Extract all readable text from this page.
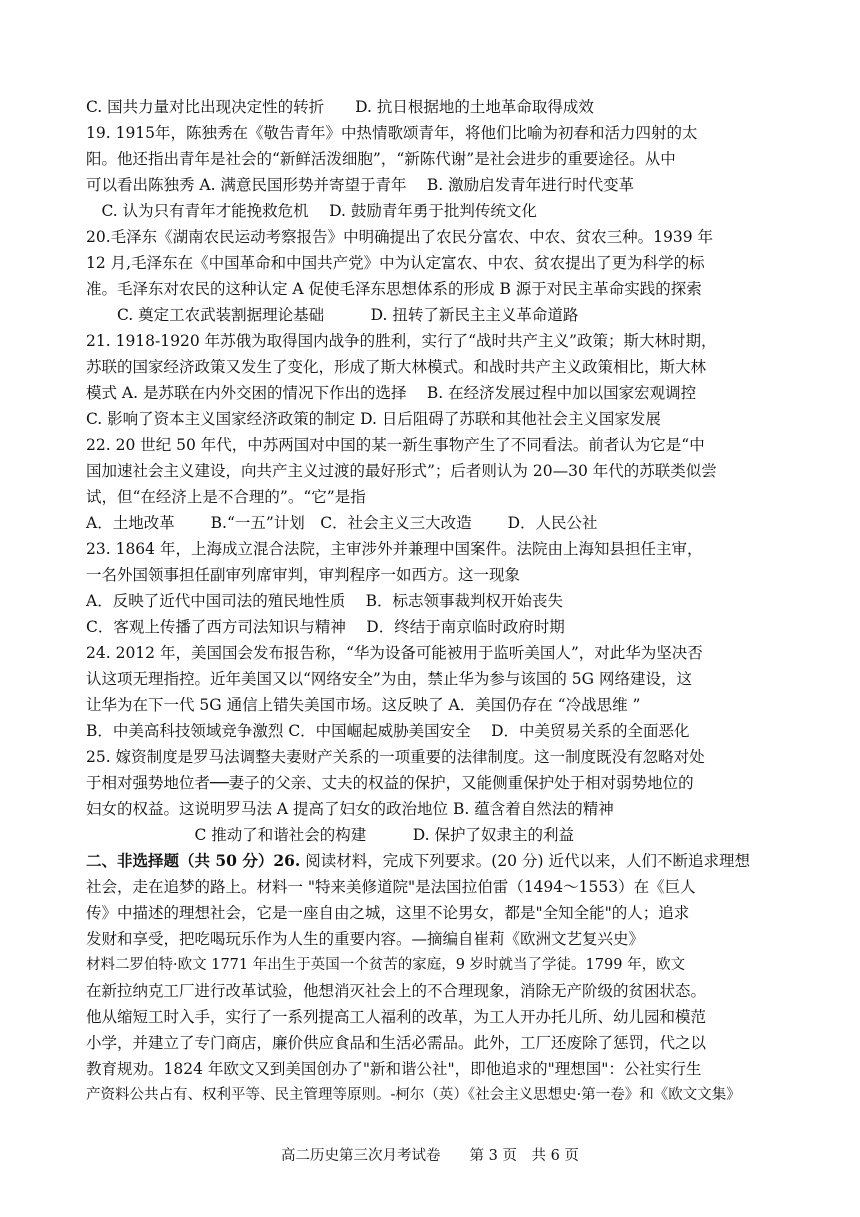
C. 国共力量对比出现决定性的转折　　D. 抗日根据地的土地革命取得成效
19. 1915年，陈独秀在《敬告青年》中热情歌颂青年，将他们比喻为初春和活力四射的太
阳。他还指出青年是社会的“新鲜活泼细胞”，“新陈代谢”是社会进步的重要途径。从中
可以看出陈独秀 A. 满意民国形势并寄望于青年　 B. 激励启发青年进行时代变革
　C. 认为只有青年才能挽救危机　 D. 鼓励青年勇于批判传统文化
20.毛泽东《湖南农民运动考察报告》中明确提出了农民分富农、中农、贫农三种。1939 年
12 月,毛泽东在《中国革命和中国共产党》中为认定富农、中农、贫农提出了更为科学的标
准。毛泽东对农民的这种认定 A 促使毛泽东思想体系的形成 B 源于对民主革命实践的探索
　　C. 奠定工农武装割据理论基础　　　D. 扭转了新民主主义革命道路
21. 1918-1920 年苏俄为取得国内战争的胜利，实行了“战时共产主义”政策；斯大林时期，
苏联的国家经济政策又发生了变化，形成了斯大林模式。和战时共产主义政策相比，斯大林
模式 A. 是苏联在内外交困的情况下作出的选择　 B. 在经济发展过程中加以国家宏观调控
C. 影响了资本主义国家经济政策的制定 D. 日后阻碍了苏联和其他社会主义国家发展
22. 20 世纪 50 年代，中苏两国对中国的某一新生事物产生了不同看法。前者认为它是“中
国加速社会主义建设，向共产主义过渡的最好形式”；后者则认为 20—30 年代的苏联类似尝
试，但“在经济上是不合理的”。“它”是指
A．土地改革　　 B.“一五”计划　C．社会主义三大改造　　 D．人民公社
23. 1864 年，上海成立混合法院，主审涉外并兼理中国案件。法院由上海知县担任主审，
一名外国领事担任副审列席审判，审判程序一如西方。这一现象
A．反映了近代中国司法的殖民地性质　 B．标志领事裁判权开始丧失
C．客观上传播了西方司法知识与精神　 D．终结于南京临时政府时期
24. 2012 年，美国国会发布报告称，“华为设备可能被用于监听美国人”，对此华为坚决否
认这项无理指控。近年美国又以“网络安全”为由，禁止华为参与该国的 5G 网络建设，这
让华为在下一代 5G 通信上错失美国市场。这反映了 A．美国仍存在 “冷战思维 ”
B．中美高科技领域竞争激烈 C．中国崛起威胁美国安全　 D．中美贸易关系的全面恶化
25. 嫁资制度是罗马法调整夫妻财产关系的一项重要的法律制度。这一制度既没有忽略对处
于相对强势地位者──妻子的父亲、丈夫的权益的保护，又能侧重保护处于相对弱势地位的
妇女的权益。这说明罗马法 A 提高了妇女的政治地位 B. 蕴含着自然法的精神
　　　　　　　C 推动了和谐社会的构建　　　D. 保护了奴隶主的利益
二、非选择题（共 50 分）26. 阅读材料，完成下列要求。(20 分) 近代以来，人们不断追求理想
社会，走在追梦的路上。材料一 "特来美修道院"是法国拉伯雷（1494～1553）在《巨人
传》中描述的理想社会，它是一座自由之城，这里不论男女，都是"全知全能"的人；追求
发财和享受，把吃喝玩乐作为人生的重要内容。—摘编自崔莉《欧洲文艺复兴史》
材料二罗伯特·欧文 1771 年出生于英国一个贫苦的家庭，9 岁时就当了学徒。1799 年，欧文
在新拉纳克工厂进行改革试验，他想消灭社会上的不合理现象，消除无产阶级的贫困状态。
他从缩短工时入手，实行了一系列提高工人福利的改革，为工人开办托儿所、幼儿园和模范
小学，并建立了专门商店，廉价供应食品和生活必需品。此外，工厂还废除了惩罚，代之以
教育规劝。1824 年欧文又到美国创办了"新和谐公社"，即他追求的"理想国"：公社实行生
产资料公共占有、权利平等、民主管理等原则。-柯尔（英）《社会主义思想史·第一卷》和《欧文文集》
高二历史第三次月考试卷　　第 3 页　共 6 页
